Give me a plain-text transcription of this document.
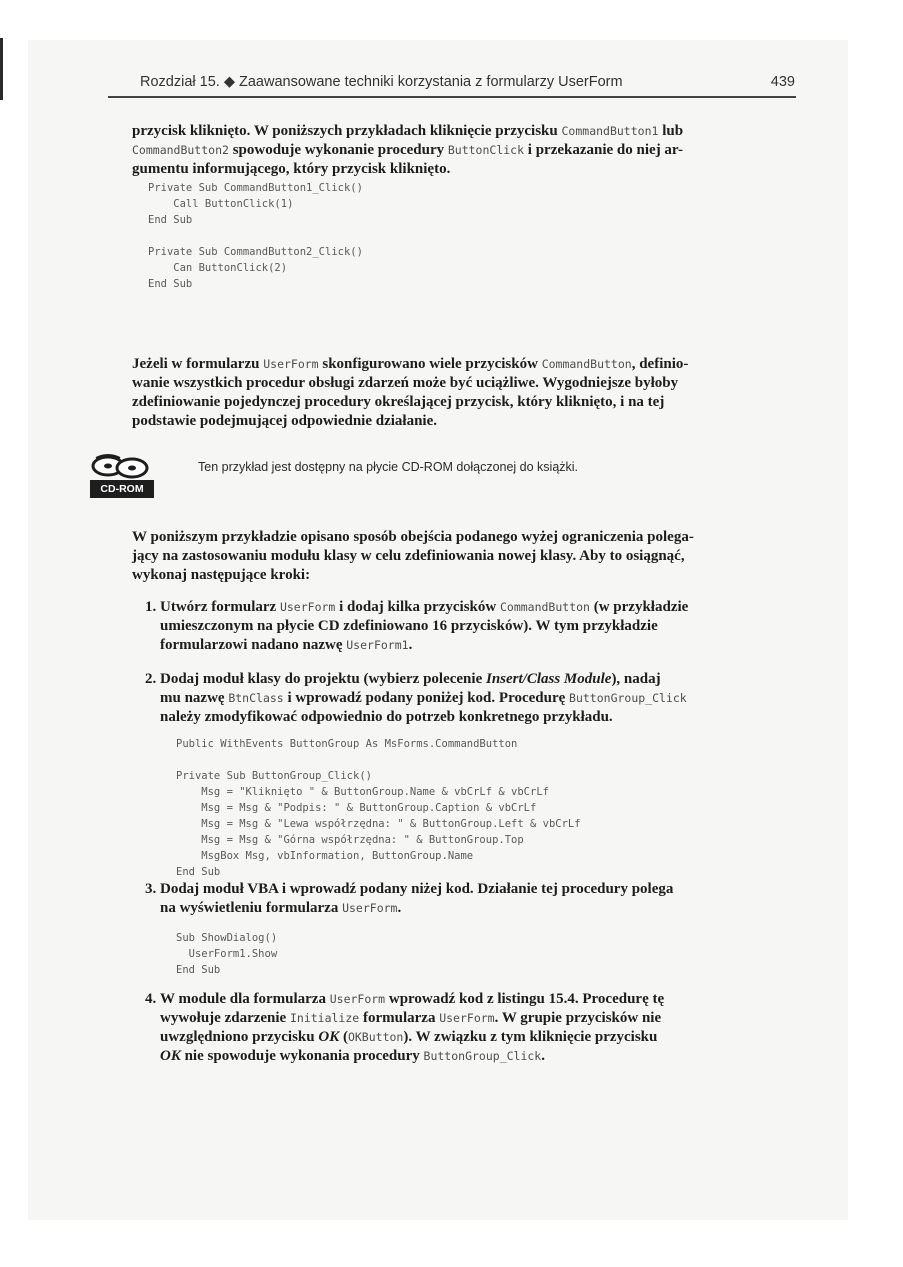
Rozdział 15. ◆ Zaawansowane techniki korzystania z formularzy UserForm	439
przycisk kliknięto. W poniższych przykładach kliknięcie przycisku CommandButton1 lub
CommandButton2 spowoduje wykonanie procedury ButtonClick i przekazanie do niej ar-
gumentu informującego, który przycisk kliknięto.
Private Sub CommandButton1_Click()
Call ButtonClick(1)
End Sub

Private Sub CommandButton2_Click()
Can ButtonClick(2)
End Sub
Jeżeli w formularzu UserForm skonfigurowano wiele przycisków CommandButton, definio-
wanie wszystkich procedur obsługi zdarzeń może być uciążliwe. Wygodniejsze byłoby
zdefiniowanie pojedynczej procedury określającej przycisk, który kliknięto, i na tej
podstawie podejmującej odpowiednie działanie.
CD-ROM
Ten przykład jest dostępny na płycie CD-ROM dołączonej do książki.
W poniższym przykładzie opisano sposób obejścia podanego wyżej ograniczenia polega-
jący na zastosowaniu modułu klasy w celu zdefiniowania nowej klasy. Aby to osiągnąć,
wykonaj następujące kroki:
1. Utwórz formularz UserForm i dodaj kilka przycisków CommandButton (w przykładzie
umieszczonym na płycie CD zdefiniowano 16 przycisków). W tym przykładzie
formularzowi nadano nazwę UserForm1.
2. Dodaj moduł klasy do projektu (wybierz polecenie Insert/Class Module), nadaj
mu nazwę BtnClass i wprowadź podany poniżej kod. Procedurę ButtonGroup_Click
należy zmodyfikować odpowiednio do potrzeb konkretnego przykładu.
Public WithEvents ButtonGroup As MsForms.CommandButton

Private Sub ButtonGroup_Click()
Msg = "Kliknięto " & ButtonGroup.Name & vbCrLf & vbCrLf
Msg = Msg & "Podpis: " & ButtonGroup.Caption & vbCrLf
Msg = Msg & "Lewa współrzędna: " & ButtonGroup.Left & vbCrLf
Msg = Msg & "Górna współrzędna: " & ButtonGroup.Top
MsgBox Msg, vbInformation, ButtonGroup.Name
End Sub
3. Dodaj moduł VBA i wprowadź podany niżej kod. Działanie tej procedury polega
na wyświetleniu formularza UserForm.
Sub ShowDialog()
UserForm1.Show
End Sub
4. W module dla formularza UserForm wprowadź kod z listingu 15.4. Procedurę tę
wywołuje zdarzenie Initialize formularza UserForm. W grupie przycisków nie
uwzględniono przycisku OK (OKButton). W związku z tym kliknięcie przycisku
OK nie spowoduje wykonania procedury ButtonGroup_Click.
